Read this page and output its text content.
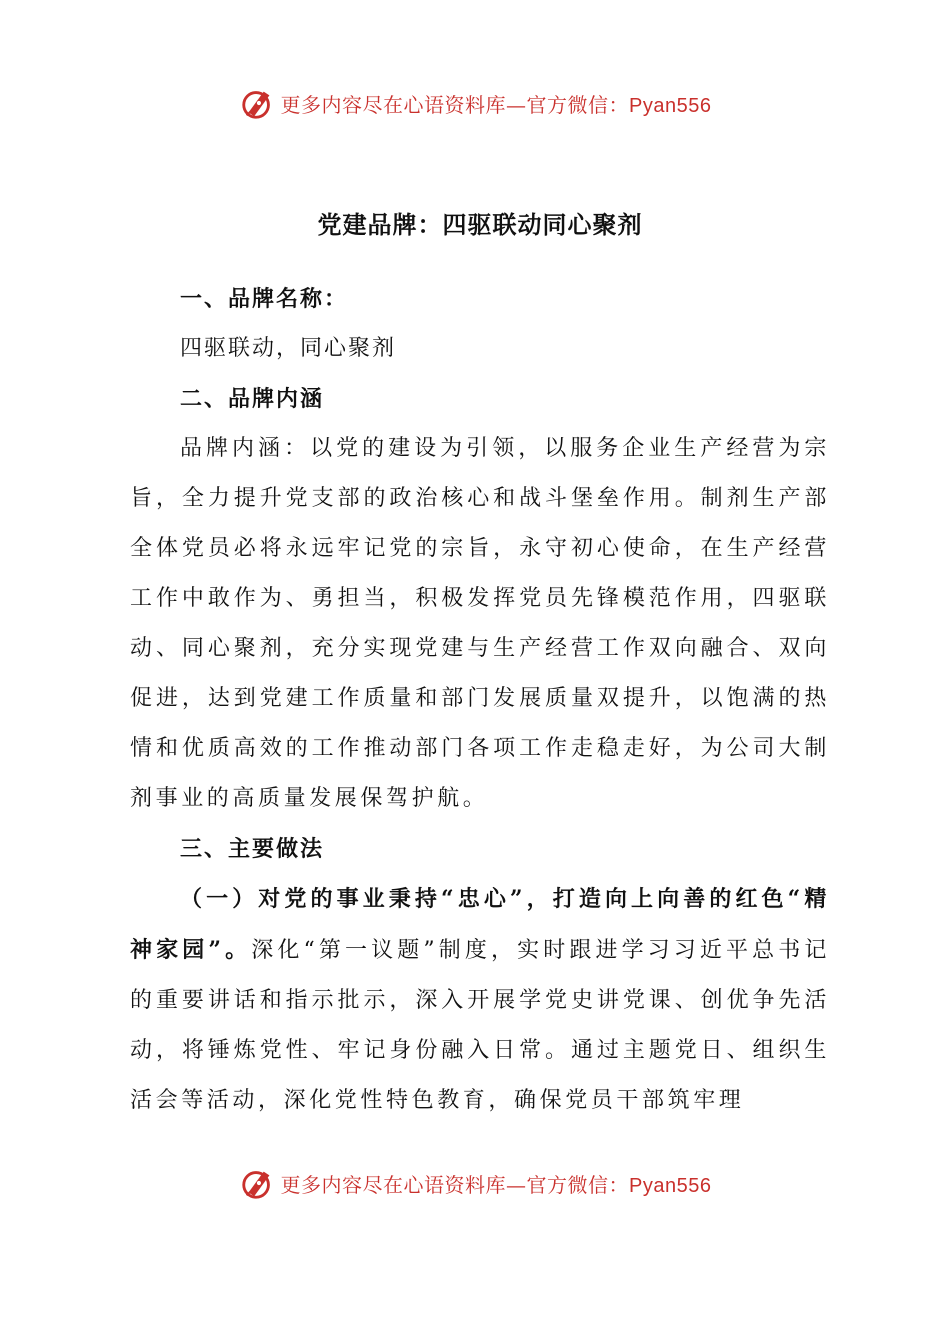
更多内容尽在心语资料库—官方微信：Pyan556
党建品牌：四驱联动同心聚剂

一、品牌名称：

四驱联动，同心聚剂

二、品牌内涵

品牌内涵：以党的建设为引领，以服务企业生产经营为宗旨，全力提升党支部的政治核心和战斗堡垒作用。制剂生产部全体党员必将永远牢记党的宗旨，永守初心使命，在生产经营工作中敢作为、勇担当，积极发挥党员先锋模范作用，四驱联动、同心聚剂，充分实现党建与生产经营工作双向融合、双向促进，达到党建工作质量和部门发展质量双提升，以饱满的热情和优质高效的工作推动部门各项工作走稳走好，为公司大制剂事业的高质量发展保驾护航。

三、主要做法

（一）对党的事业秉持“忠心”，打造向上向善的红色“精神家园”。深化“第一议题”制度，实时跟进学习习近平总书记的重要讲话和指示批示，深入开展学党史讲党课、创优争先活动，将锤炼党性、牢记身份融入日常。通过主题党日、组织生活会等活动，深化党性特色教育，确保党员干部筑牢理

更多内容尽在心语资料库—官方微信：Pyan556
